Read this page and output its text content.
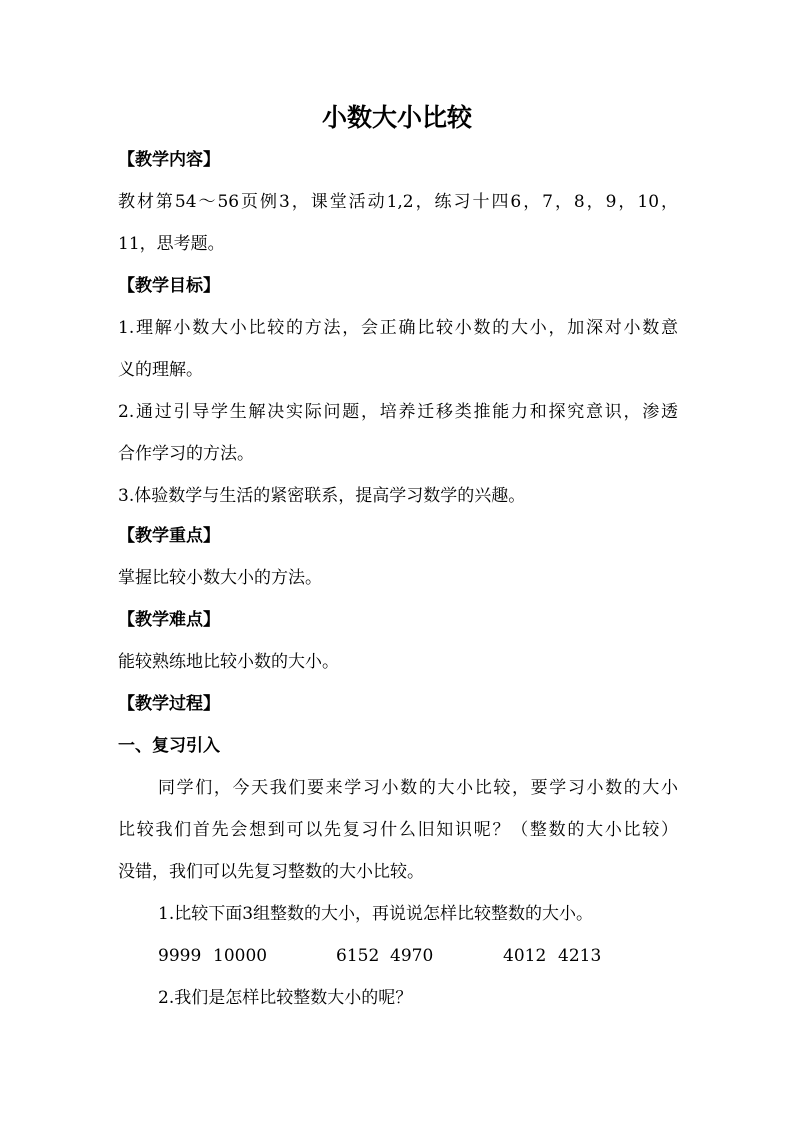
小数大小比较
【教学内容】
教材第54～56页例3，课堂活动1,2，练习十四6，7，8，9，10，
11，思考题。
【教学目标】
1.理解小数大小比较的方法，会正确比较小数的大小，加深对小数意
义的理解。
2.通过引导学生解决实际问题，培养迁移类推能力和探究意识，渗透
合作学习的方法。
3.体验数学与生活的紧密联系，提高学习数学的兴趣。
【教学重点】
掌握比较小数大小的方法。
【教学难点】
能较熟练地比较小数的大小。
【教学过程】
一、复习引入
同学们，今天我们要来学习小数的大小比较，要学习小数的大小
比较我们首先会想到可以先复习什么旧知识呢？（整数的大小比较）
没错，我们可以先复习整数的大小比较。
1.比较下面3组整数的大小，再说说怎样比较整数的大小。
9999 10000	6152 4970	4012 4213
2.我们是怎样比较整数大小的呢？
